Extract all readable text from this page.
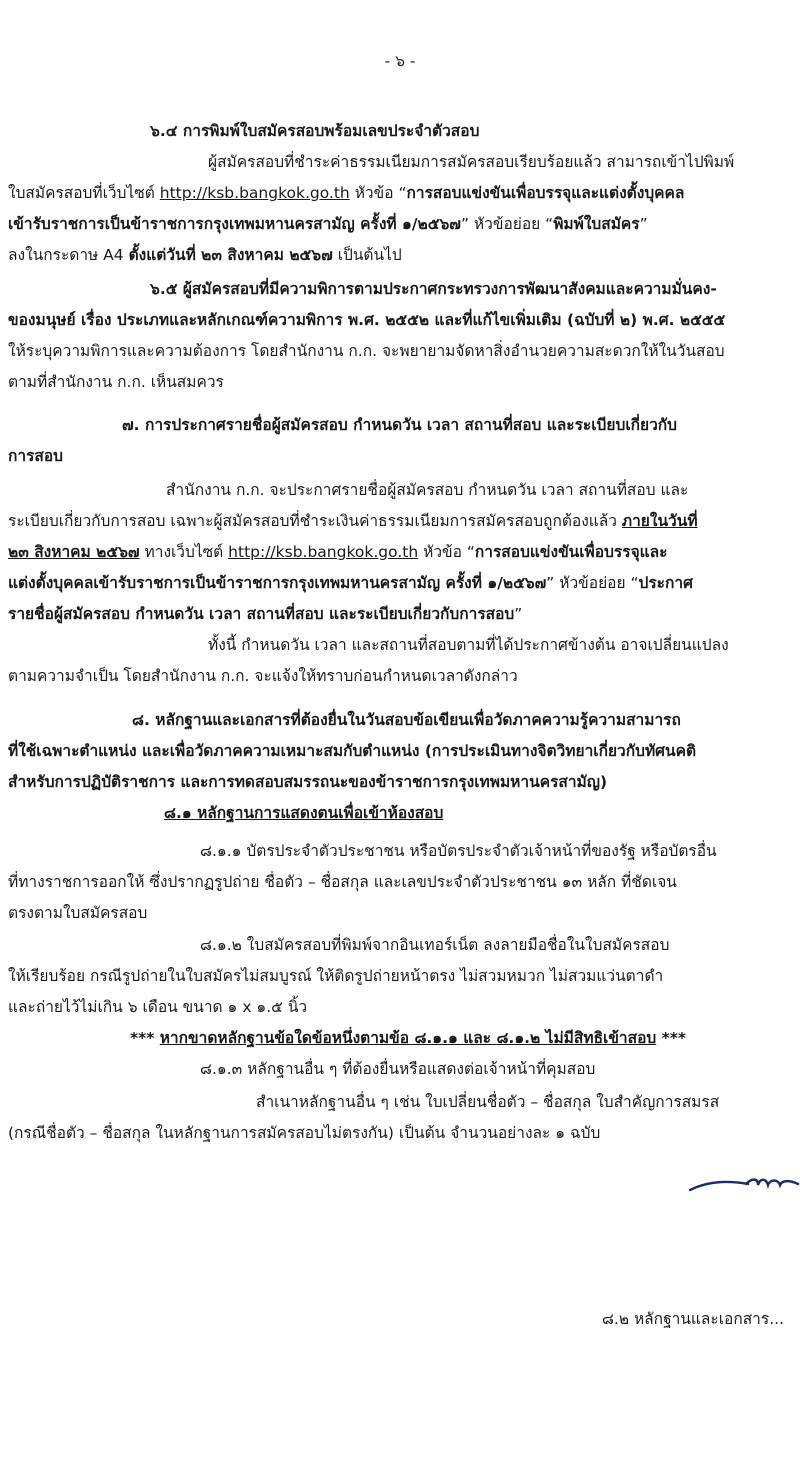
- ๖ -
๖.๔ การพิมพ์ใบสมัครสอบพร้อมเลขประจำตัวสอบ
ผู้สมัครสอบที่ชำระค่าธรรมเนียมการสมัครสอบเรียบร้อยแล้ว สามารถเข้าไปพิมพ์
ใบสมัครสอบที่เว็บไซต์ http://ksb.bangkok.go.th หัวข้อ “การสอบแข่งขันเพื่อบรรจุและแต่งตั้งบุคคล
เข้ารับราชการเป็นข้าราชการกรุงเทพมหานครสามัญ ครั้งที่ ๑/๒๕๖๗” หัวข้อย่อย “พิมพ์ใบสมัคร”
ลงในกระดาษ A4 ตั้งแต่วันที่ ๒๓ สิงหาคม ๒๕๖๗ เป็นต้นไป
๖.๕ ผู้สมัครสอบที่มีความพิการตามประกาศกระทรวงการพัฒนาสังคมและความมั่นคง-
ของมนุษย์ เรื่อง ประเภทและหลักเกณฑ์ความพิการ พ.ศ. ๒๕๕๒ และที่แก้ไขเพิ่มเติม (ฉบับที่ ๒) พ.ศ. ๒๕๕๕
ให้ระบุความพิการและความต้องการ โดยสำนักงาน ก.ก. จะพยายามจัดหาสิ่งอำนวยความสะดวกให้ในวันสอบ
ตามที่สำนักงาน ก.ก. เห็นสมควร
๗. การประกาศรายชื่อผู้สมัครสอบ กำหนดวัน เวลา สถานที่สอบ และระเบียบเกี่ยวกับ
การสอบ
สำนักงาน ก.ก. จะประกาศรายชื่อผู้สมัครสอบ กำหนดวัน เวลา สถานที่สอบ และ
ระเบียบเกี่ยวกับการสอบ เฉพาะผู้สมัครสอบที่ชำระเงินค่าธรรมเนียมการสมัครสอบถูกต้องแล้ว ภายในวันที่
๒๓ สิงหาคม ๒๕๖๗ ทางเว็บไซต์ http://ksb.bangkok.go.th หัวข้อ “การสอบแข่งขันเพื่อบรรจุและ
แต่งตั้งบุคคลเข้ารับราชการเป็นข้าราชการกรุงเทพมหานครสามัญ ครั้งที่ ๑/๒๕๖๗” หัวข้อย่อย “ประกาศ
รายชื่อผู้สมัครสอบ กำหนดวัน เวลา สถานที่สอบ และระเบียบเกี่ยวกับการสอบ”
ทั้งนี้ กำหนดวัน เวลา และสถานที่สอบตามที่ได้ประกาศข้างต้น อาจเปลี่ยนแปลง
ตามความจำเป็น โดยสำนักงาน ก.ก. จะแจ้งให้ทราบก่อนกำหนดเวลาดังกล่าว
๘. หลักฐานและเอกสารที่ต้องยื่นในวันสอบข้อเขียนเพื่อวัดภาคความรู้ความสามารถ
ที่ใช้เฉพาะตำแหน่ง และเพื่อวัดภาคความเหมาะสมกับตำแหน่ง (การประเมินทางจิตวิทยาเกี่ยวกับทัศนคติ
สำหรับการปฏิบัติราชการ และการทดสอบสมรรถนะของข้าราชการกรุงเทพมหานครสามัญ)
๘.๑ หลักฐานการแสดงตนเพื่อเข้าห้องสอบ
๘.๑.๑ บัตรประจำตัวประชาชน หรือบัตรประจำตัวเจ้าหน้าที่ของรัฐ หรือบัตรอื่น
ที่ทางราชการออกให้ ซึ่งปรากฏรูปถ่าย ชื่อตัว – ชื่อสกุล และเลขประจำตัวประชาชน ๑๓ หลัก ที่ชัดเจน
ตรงตามใบสมัครสอบ
๘.๑.๒ ใบสมัครสอบที่พิมพ์จากอินเทอร์เน็ต ลงลายมือชื่อในใบสมัครสอบ
ให้เรียบร้อย กรณีรูปถ่ายในใบสมัครไม่สมบูรณ์ ให้ติดรูปถ่ายหน้าตรง ไม่สวมหมวก ไม่สวมแว่นตาดำ
และถ่ายไว้ไม่เกิน ๖ เดือน ขนาด ๑ x ๑.๕ นิ้ว
*** หากขาดหลักฐานข้อใดข้อหนึ่งตามข้อ ๘.๑.๑ และ ๘.๑.๒ ไม่มีสิทธิเข้าสอบ ***
๘.๑.๓ หลักฐานอื่น ๆ ที่ต้องยื่นหรือแสดงต่อเจ้าหน้าที่คุมสอบ
สำเนาหลักฐานอื่น ๆ เช่น ใบเปลี่ยนชื่อตัว – ชื่อสกุล ใบสำคัญการสมรส
(กรณีชื่อตัว – ชื่อสกุล ในหลักฐานการสมัครสอบไม่ตรงกัน) เป็นต้น จำนวนอย่างละ ๑ ฉบับ
๘.๒ หลักฐานและเอกสาร...
